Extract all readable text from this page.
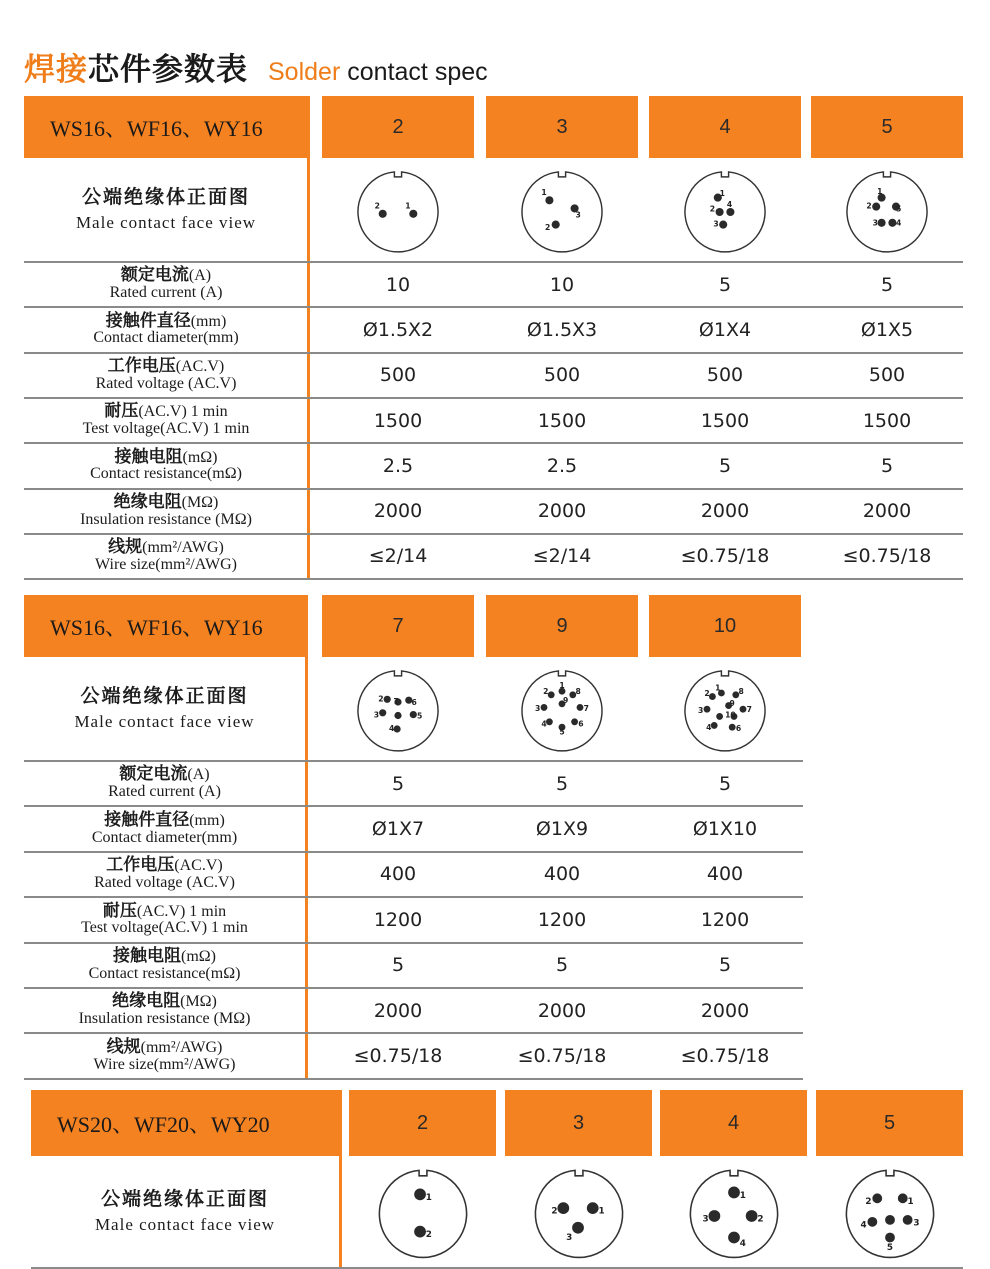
焊接 芯件参数表 Solder contact spec
WS16、WF16、WY16	2	3	4	5
公端绝缘体正面图
Male contact face view
2	1
1
3
2
1
4
2
3
1
5
2
4
3
额定电流(A)
Rated current (A)	10	10	5	5
接触件直径(mm)
Contact diameter(mm)	Ø1.5X2	Ø1.5X3	Ø1X4	Ø1X5
工作电压(AC.V)
Rated voltage (AC.V)	500	500	500	500
耐压(AC.V) 1 min
Test voltage(AC.V) 1 min	1500	1500	1500	1500
接触电阻(mΩ)
Contact resistance(mΩ)	2.5	2.5	5	5
绝缘电阻(MΩ)
Insulation resistance (MΩ)	2000	2000	2000	2000
线规(mm²/AWG)
Wire size(mm²/AWG)	≤2/14	≤2/14	≤0.75/18	≤0.75/18
WS16、WF16、WY16	7	9	10
公端绝缘体正面图
Male contact face view
2 7 6
3	5
4
1
2	8
3	7
9
4	6
5
1
2	8
3	7
9
10
4	6
额定电流(A)
Rated current (A)	5	5	5
接触件直径(mm)
Contact diameter(mm)	Ø1X7	Ø1X9	Ø1X10
工作电压(AC.V)
Rated voltage (AC.V)	400	400	400
耐压(AC.V) 1 min
Test voltage(AC.V) 1 min	1200	1200	1200
接触电阻(mΩ)
Contact resistance(mΩ)	5	5	5
绝缘电阻(MΩ)
Insulation resistance (MΩ)	2000	2000	2000
线规(mm²/AWG)
Wire size(mm²/AWG)	≤0.75/18	≤0.75/18	≤0.75/18
WS20、WF20、WY20	2	3	4	5
公端绝缘体正面图
Male contact face view
1
2
2	1
3
1
3	2
4
2	1
4	3
5
